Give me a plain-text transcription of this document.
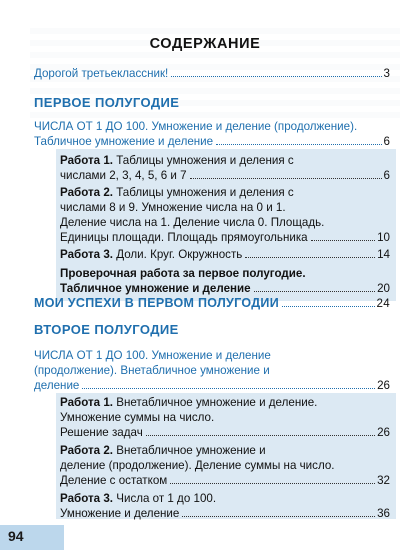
СОДЕРЖАНИЕ
Дорогой третьеклассник!	3
ПЕРВОЕ ПОЛУГОДИЕ
ЧИСЛА ОТ 1 ДО 100. Умножение и деление (продолжение).
Табличное умножение и деление	6
Работа 1. Таблицы умножения и деления с
числами 2, 3, 4, 5, 6 и 7	6
Работа 2. Таблицы умножения и деления с
числами 8 и 9. Умножение числа на 0 и 1.
Деление числа на 1. Деление числа 0. Площадь.
Единицы площади. Площадь прямоугольника	10
Работа 3. Доли. Круг. Окружность	14
Проверочная работа за первое полугодие.
Табличное умножение и деление	20
МОИ УСПЕХИ В ПЕРВОМ ПОЛУГОДИИ	24
ВТОРОЕ ПОЛУГОДИЕ
ЧИСЛА ОТ 1 ДО 100. Умножение и деление
(продолжение). Внетабличное умножение и
деление	26
Работа 1. Внетабличное умножение и деление.
Умножение суммы на число.
Решение задач	26
Работа 2. Внетабличное умножение и
деление (продолжение). Деление суммы на число.
Деление с остатком	32
Работа 3. Числа от 1 до 100.
Умножение и деление	36
94
